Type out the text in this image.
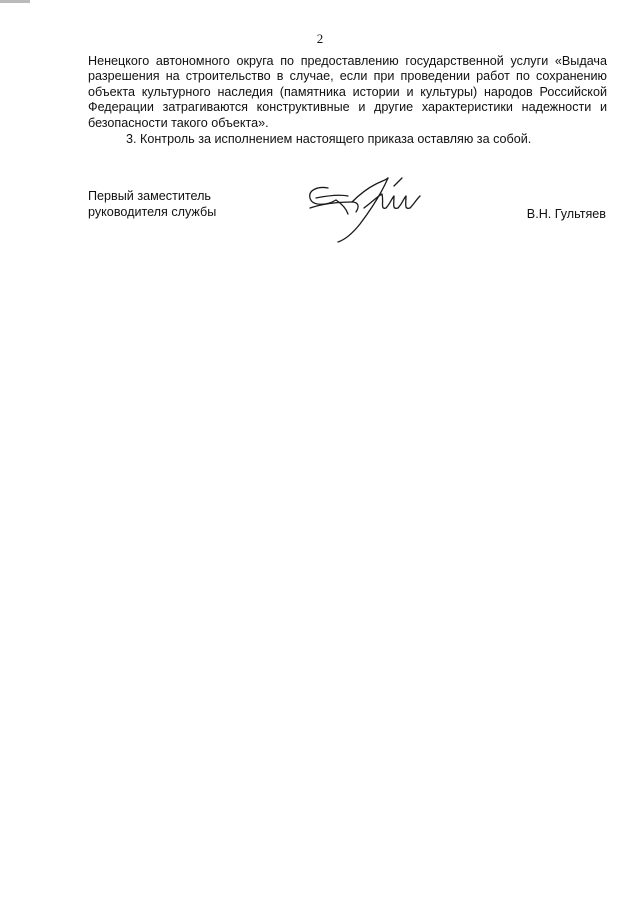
2

Ненецкого автономного округа по предоставлению государственной услуги «Выдача разрешения на строительство в случае, если при проведении работ по сохранению объекта культурного наследия (памятника истории и культуры) народов Российской Федерации затрагиваются конструктивные и другие характеристики надежности и безопасности такого объекта».

3. Контроль за исполнением настоящего приказа оставляю за собой.

Первый заместитель
руководителя службы	В.Н. Гультяев
